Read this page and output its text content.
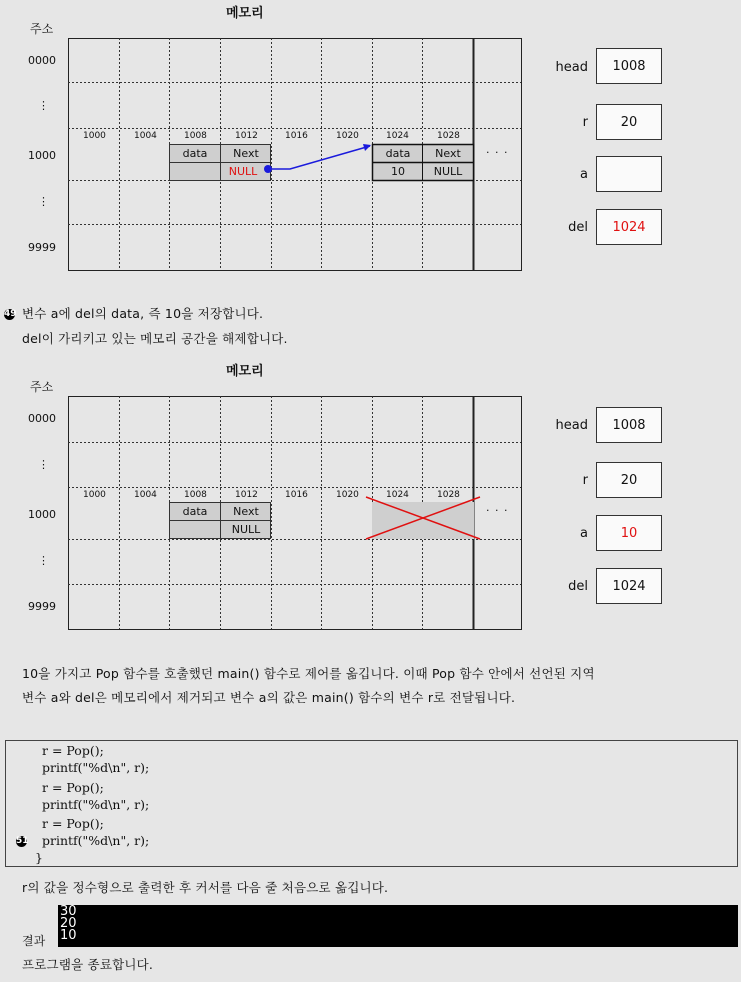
메모리
주소
1000	1004	1008	1012	1016	1020	1024	1028
data	Next
NULL
data	Next
10	NULL
· · ·
0000
⋮
1000
⋮
9999
head	1008
r	20
a
del	1024
49 변수 a에 del의 data, 즉 10을 저장합니다.
del이 가리키고 있는 메모리 공간을 해제합니다.
메모리
주소
1000	1004	1008	1012	1016	1020	1024	1028
data	Next
NULL
· · ·
0000
⋮
1000
⋮
9999
head	1008
r	20
a	10
del	1024
10을 가지고 Pop 함수를 호출했던 main() 함수로 제어를 옮깁니다. 이때 Pop 함수 안에서 선언된 지역
변수 a와 del은 메모리에서 제거되고 변수 a의 값은 main() 함수의 변수 r로 전달됩니다.
r = Pop();
printf("%d\n", r);
r = Pop();
printf("%d\n", r);
r = Pop();
printf("%d\n", r);
}
51
r의 값을 정수형으로 출력한 후 커서를 다음 줄 처음으로 옮깁니다.
30
20
10
결과
프로그램을 종료합니다.
